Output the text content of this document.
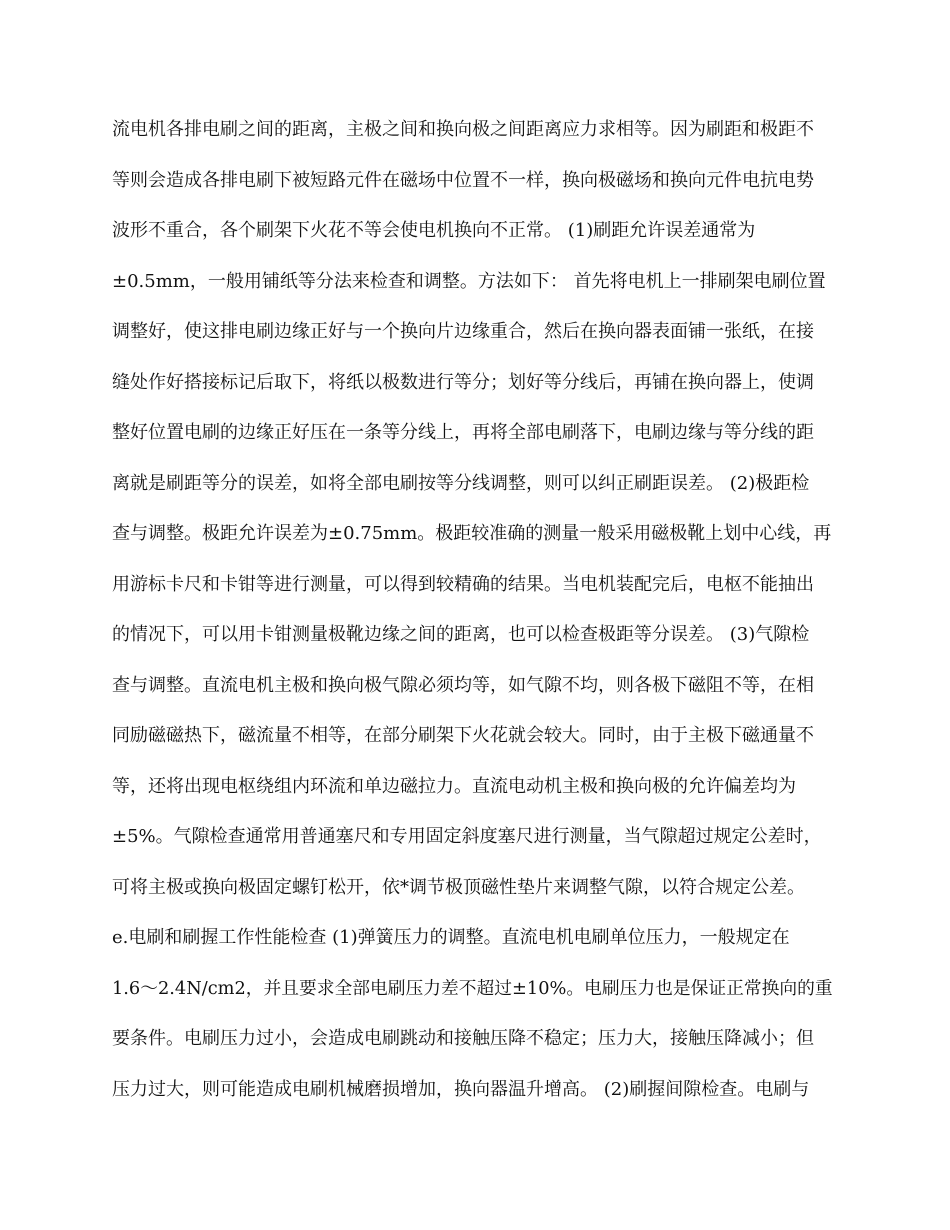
流电机各排电刷之间的距离，主极之间和换向极之间距离应力求相等。因为刷距和极距不
等则会造成各排电刷下被短路元件在磁场中位置不一样，换向极磁场和换向元件电抗电势
波形不重合，各个刷架下火花不等会使电机换向不正常。 (1)刷距允许误差通常为
±0.5mm，一般用铺纸等分法来检查和调整。方法如下： 首先将电机上一排刷架电刷位置
调整好，使这排电刷边缘正好与一个换向片边缘重合，然后在换向器表面铺一张纸，在接
缝处作好搭接标记后取下，将纸以极数进行等分；划好等分线后，再铺在换向器上，使调
整好位置电刷的边缘正好压在一条等分线上，再将全部电刷落下，电刷边缘与等分线的距
离就是刷距等分的误差，如将全部电刷按等分线调整，则可以纠正刷距误差。 (2)极距检
查与调整。极距允许误差为±0.75mm。极距较准确的测量一般采用磁极靴上划中心线，再
用游标卡尺和卡钳等进行测量，可以得到较精确的结果。当电机装配完后，电枢不能抽出
的情况下，可以用卡钳测量极靴边缘之间的距离，也可以检查极距等分误差。 (3)气隙检
查与调整。直流电机主极和换向极气隙必须均等，如气隙不均，则各极下磁阻不等，在相
同励磁磁热下，磁流量不相等，在部分刷架下火花就会较大。同时，由于主极下磁通量不
等，还将出现电枢绕组内环流和单边磁拉力。直流电动机主极和换向极的允许偏差均为
±5%。气隙检查通常用普通塞尺和专用固定斜度塞尺进行测量，当气隙超过规定公差时，
可将主极或换向极固定螺钉松开，依*调节极顶磁性垫片来调整气隙，以符合规定公差。
e.电刷和刷握工作性能检查 (1)弹簧压力的调整。直流电机电刷单位压力，一般规定在
1.6～2.4N/cm2，并且要求全部电刷压力差不超过±10%。电刷压力也是保证正常换向的重
要条件。电刷压力过小，会造成电刷跳动和接触压降不稳定；压力大，接触压降减小；但
压力过大，则可能造成电刷机械磨损增加，换向器温升增高。 (2)刷握间隙检查。电刷与
